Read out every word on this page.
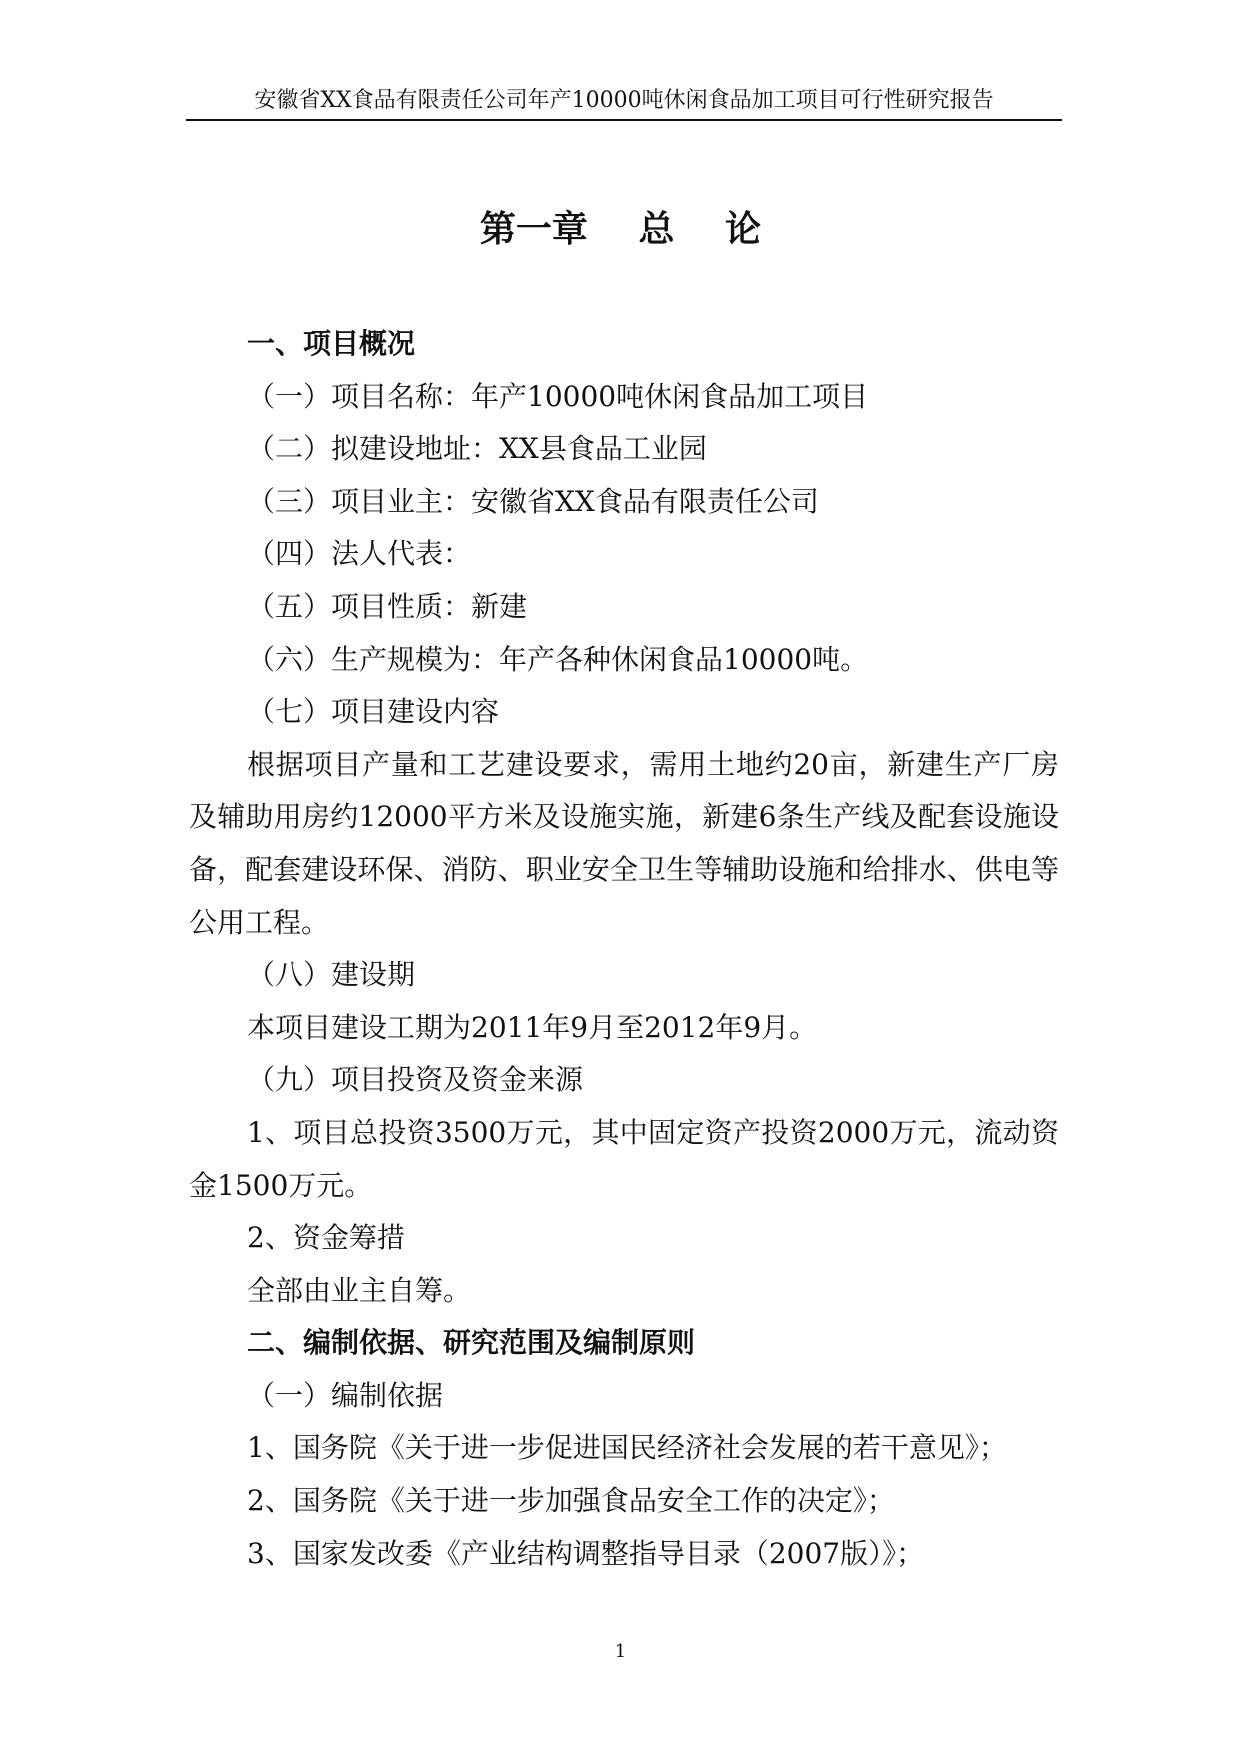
安徽省XX食品有限责任公司年产10000吨休闲食品加工项目可行性研究报告
第一章 总 论
一、项目概况
（一）项目名称：年产10000吨休闲食品加工项目
（二）拟建设地址：XX县食品工业园
（三）项目业主：安徽省XX食品有限责任公司
（四）法人代表：
（五）项目性质：新建
（六）生产规模为：年产各种休闲食品10000吨。
（七）项目建设内容
根据项目产量和工艺建设要求，需用土地约20亩，新建生产厂房及辅助用房约12000平方米及设施实施，新建6条生产线及配套设施设备，配套建设环保、消防、职业安全卫生等辅助设施和给排水、供电等公用工程。
（八）建设期
本项目建设工期为2011年9月至2012年9月。
（九）项目投资及资金来源
1、项目总投资3500万元，其中固定资产投资2000万元，流动资金1500万元。
2、资金筹措
全部由业主自筹。
二、编制依据、研究范围及编制原则
（一）编制依据
1、国务院《关于进一步促进国民经济社会发展的若干意见》；
2、国务院《关于进一步加强食品安全工作的决定》；
3、国家发改委《产业结构调整指导目录（2007版）》；
1
